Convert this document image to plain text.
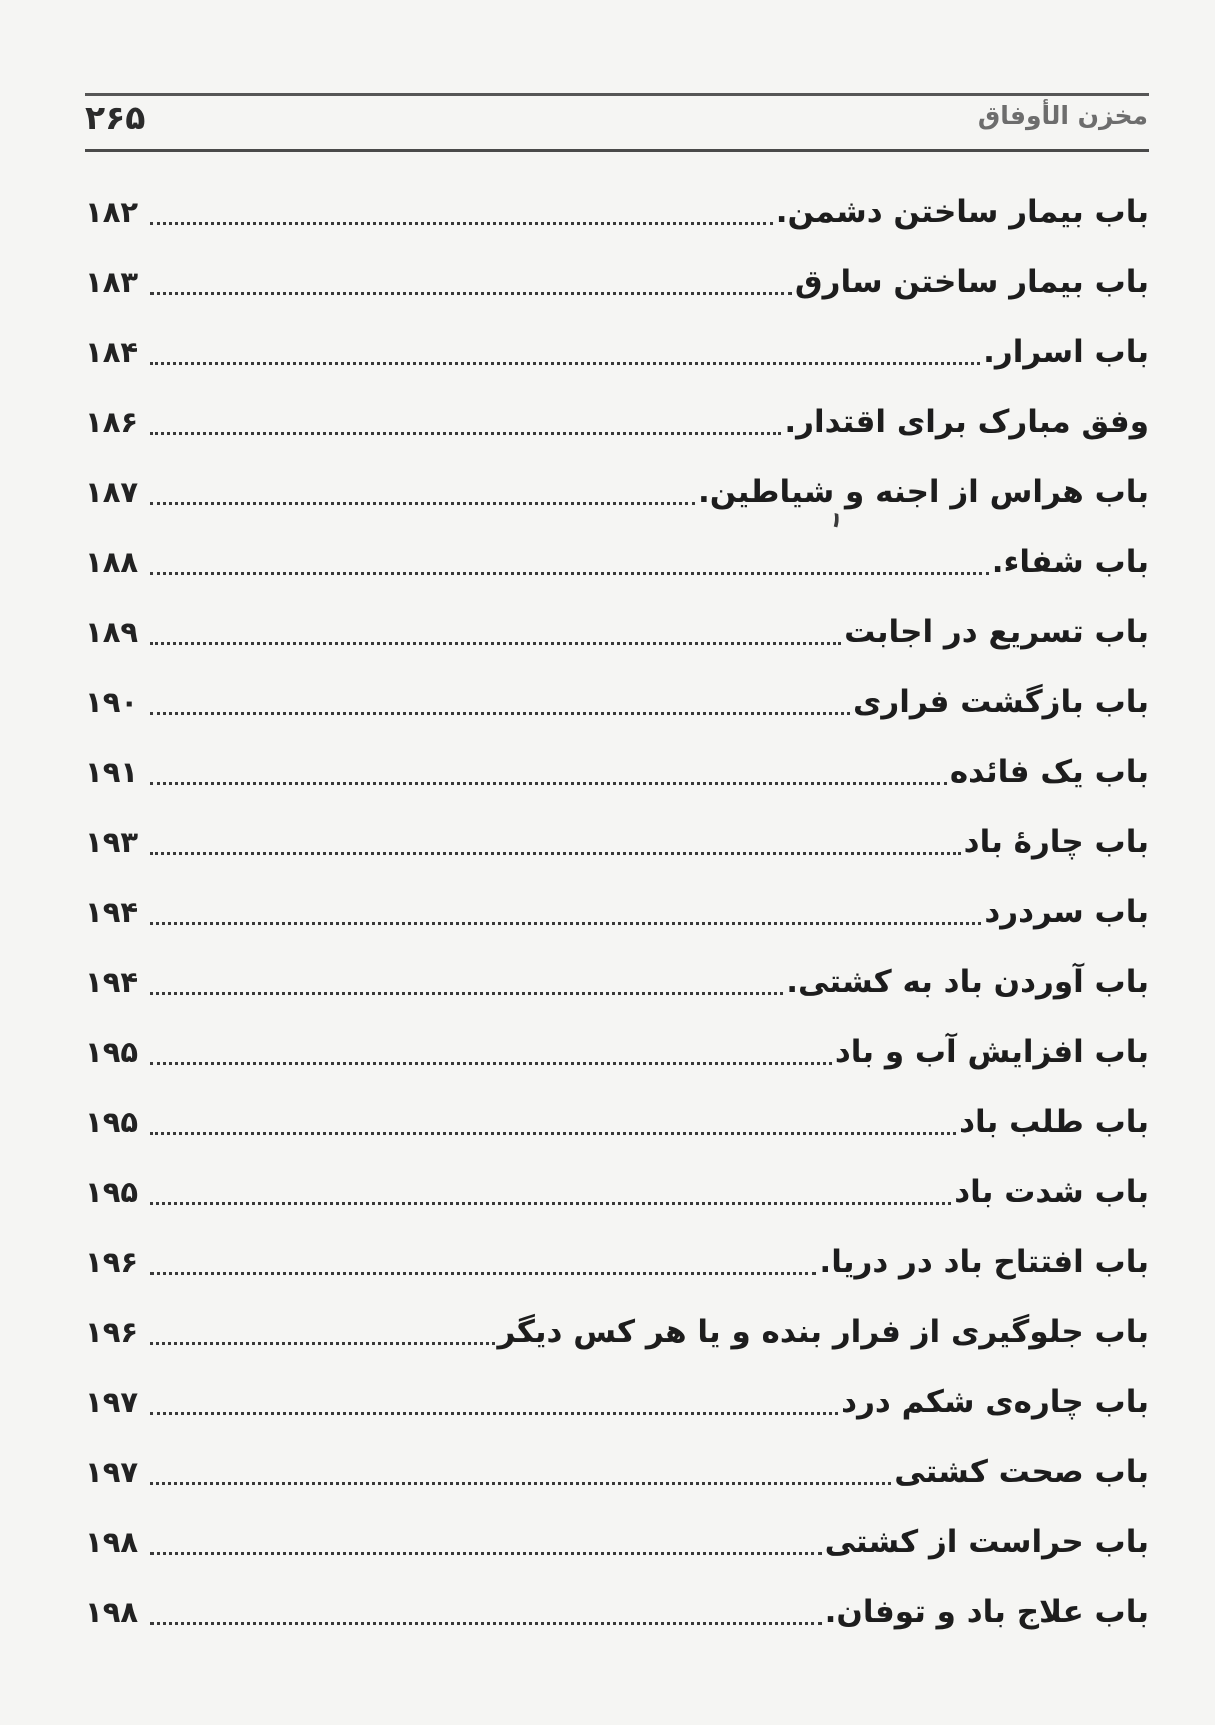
مخزن الأوفاق
۲۶۵
باب بیمار ساختن دشمن.
۱۸۲
باب بیمار ساختن سارق
۱۸۳
باب اسرار.
۱۸۴
وفق مبارک برای اقتدار.
۱۸۶
باب هراس از اجنه و شیاطین.
۱۸۷
باب شفاء.
۱۸۸
باب تسریع در اجابت
۱۸۹
باب بازگشت فراری
۱۹۰
باب یک فائده
۱۹۱
باب چارهٔ باد
۱۹۳
باب سردرد
۱۹۴
باب آوردن باد به کشتی.
۱۹۴
باب افزایش آب و باد
۱۹۵
باب طلب باد
۱۹۵
باب شدت باد
۱۹۵
باب افتتاح باد در دریا.
۱۹۶
باب جلوگیری از فرار بنده و یا هر کس دیگر
۱۹۶
باب چاره‌ی شکم درد
۱۹۷
باب صحت کشتی
۱۹۷
باب حراست از کشتی
۱۹۸
باب علاج باد و توفان.
۱۹۸
۱
